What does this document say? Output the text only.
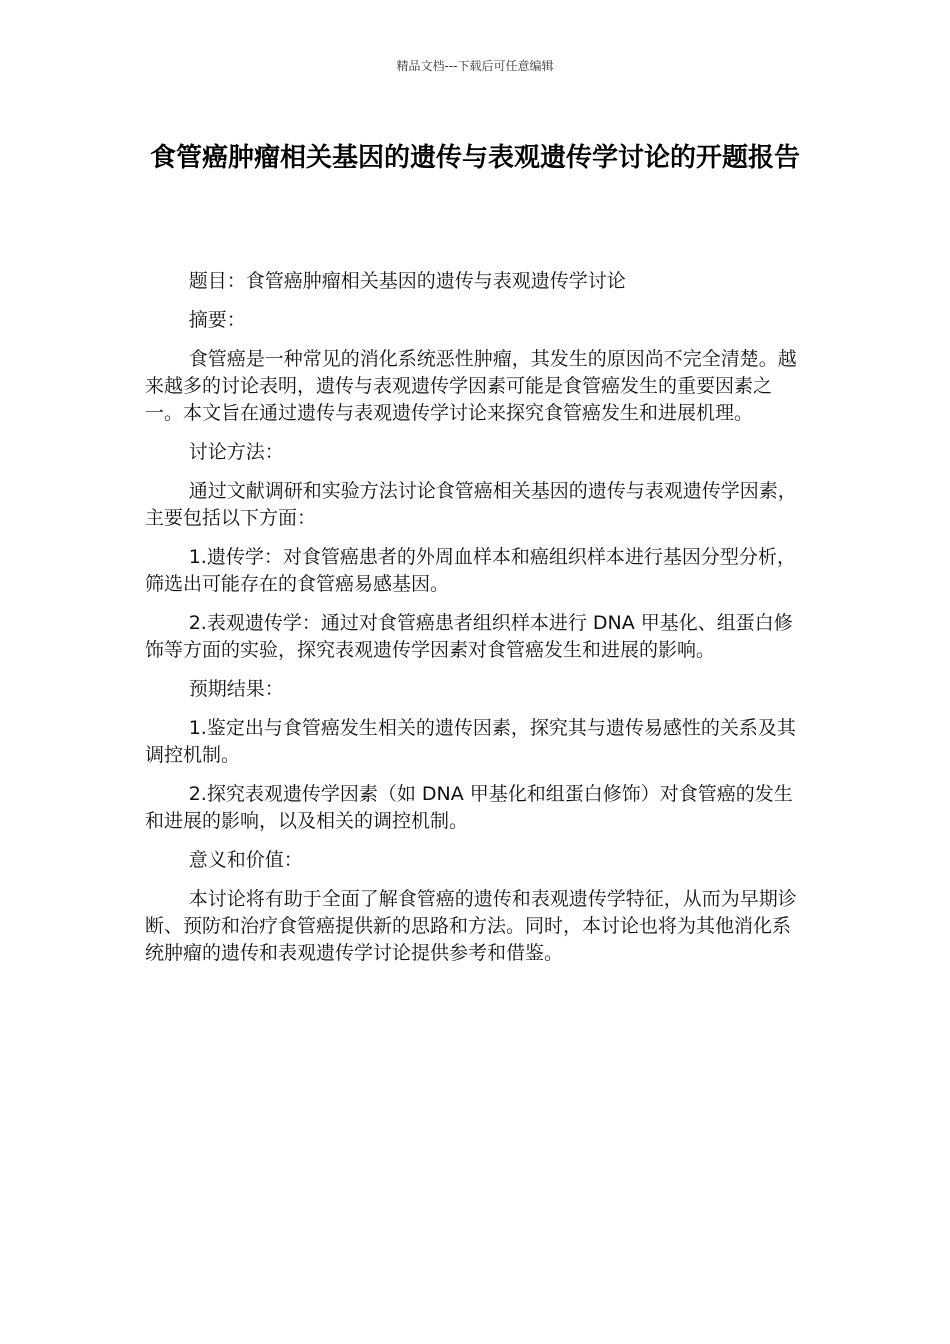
精品文档---下载后可任意编辑
食管癌肿瘤相关基因的遗传与表观遗传学讨论的开题报告

题目：食管癌肿瘤相关基因的遗传与表观遗传学讨论

摘要：

食管癌是一种常见的消化系统恶性肿瘤，其发生的原因尚不完全清楚。越来越多的讨论表明，遗传与表观遗传学因素可能是食管癌发生的重要因素之一。本文旨在通过遗传与表观遗传学讨论来探究食管癌发生和进展机理。

讨论方法：

通过文献调研和实验方法讨论食管癌相关基因的遗传与表观遗传学因素，主要包括以下方面：

1.遗传学：对食管癌患者的外周血样本和癌组织样本进行基因分型分析，筛选出可能存在的食管癌易感基因。

2.表观遗传学：通过对食管癌患者组织样本进行 DNA 甲基化、组蛋白修饰等方面的实验，探究表观遗传学因素对食管癌发生和进展的影响。

预期结果：

1.鉴定出与食管癌发生相关的遗传因素，探究其与遗传易感性的关系及其调控机制。

2.探究表观遗传学因素（如 DNA 甲基化和组蛋白修饰）对食管癌的发生和进展的影响，以及相关的调控机制。

意义和价值：

本讨论将有助于全面了解食管癌的遗传和表观遗传学特征，从而为早期诊断、预防和治疗食管癌提供新的思路和方法。同时，本讨论也将为其他消化系统肿瘤的遗传和表观遗传学讨论提供参考和借鉴。
